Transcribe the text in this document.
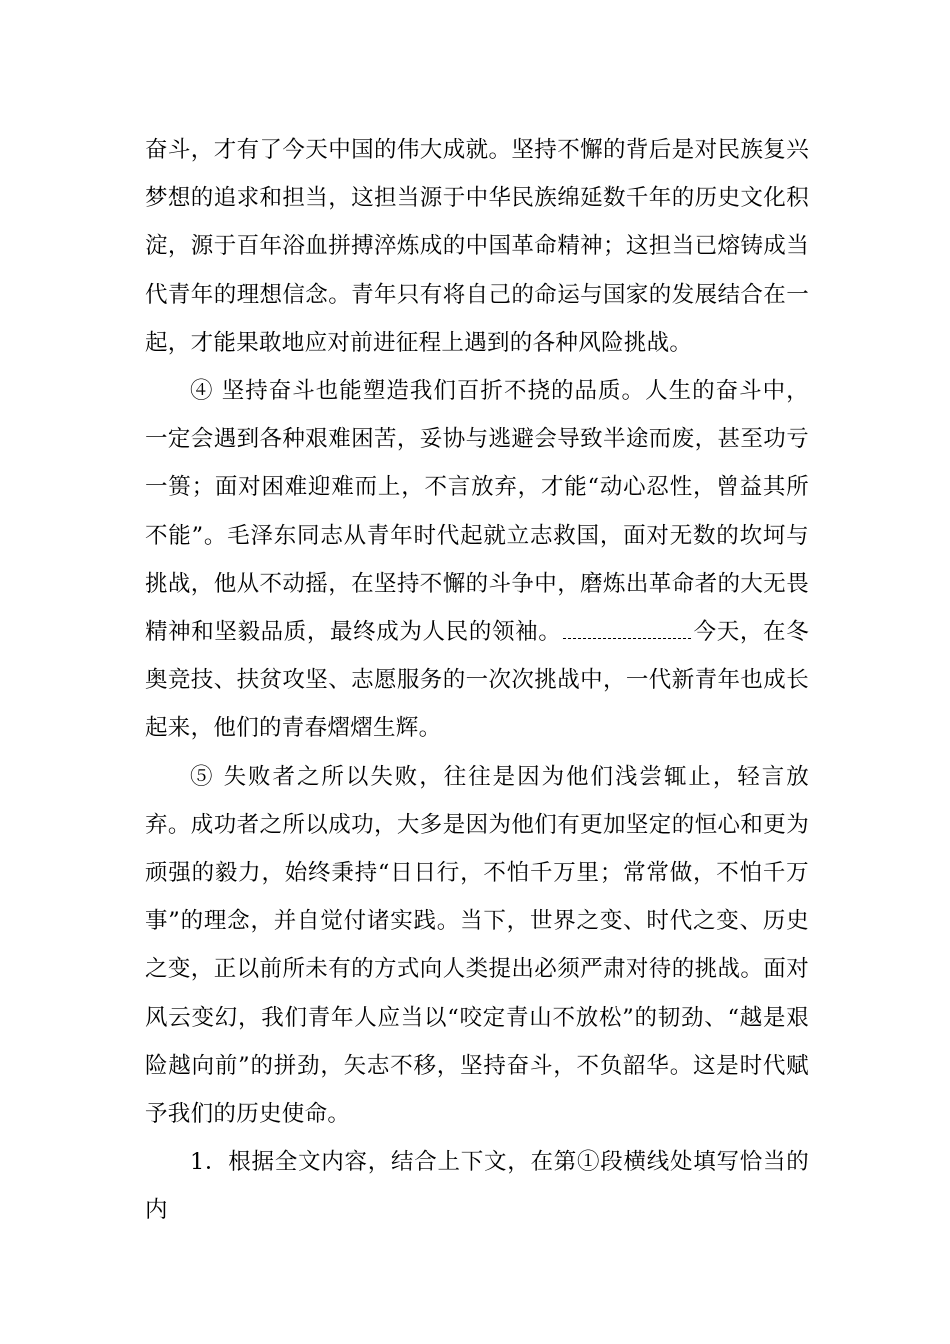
奋斗，才有了今天中国的伟大成就。坚持不懈的背后是对民族复兴梦想的追求和担当，这担当源于中华民族绵延数千年的历史文化积淀，源于百年浴血拼搏淬炼成的中国革命精神；这担当已熔铸成当代青年的理想信念。青年只有将自己的命运与国家的发展结合在一起，才能果敢地应对前进征程上遇到的各种风险挑战。

④ 坚持奋斗也能塑造我们百折不挠的品质。人生的奋斗中，一定会遇到各种艰难困苦，妥协与逃避会导致半途而废，甚至功亏一篑；面对困难迎难而上，不言放弃，才能“动心忍性，曾益其所不能”。毛泽东同志从青年时代起就立志救国，面对无数的坎坷与挑战，他从不动摇，在坚持不懈的斗争中，磨炼出革命者的大无畏精神和坚毅品质，最终成为人民的领袖。	今天，在冬奥竞技、扶贫攻坚、志愿服务的一次次挑战中，一代新青年也成长起来，他们的青春熠熠生辉。

⑤ 失败者之所以失败，往往是因为他们浅尝辄止，轻言放弃。成功者之所以成功，大多是因为他们有更加坚定的恒心和更为顽强的毅力，始终秉持“日日行，不怕千万里；常常做，不怕千万事”的理念，并自觉付诸实践。当下，世界之变、时代之变、历史之变，正以前所未有的方式向人类提出必须严肃对待的挑战。面对风云变幻，我们青年人应当以“咬定青山不放松”的韧劲、“越是艰险越向前”的拼劲，矢志不移，坚持奋斗，不负韶华。这是时代赋予我们的历史使命。

1．根据全文内容，结合上下文，在第①段横线处填写恰当的内
